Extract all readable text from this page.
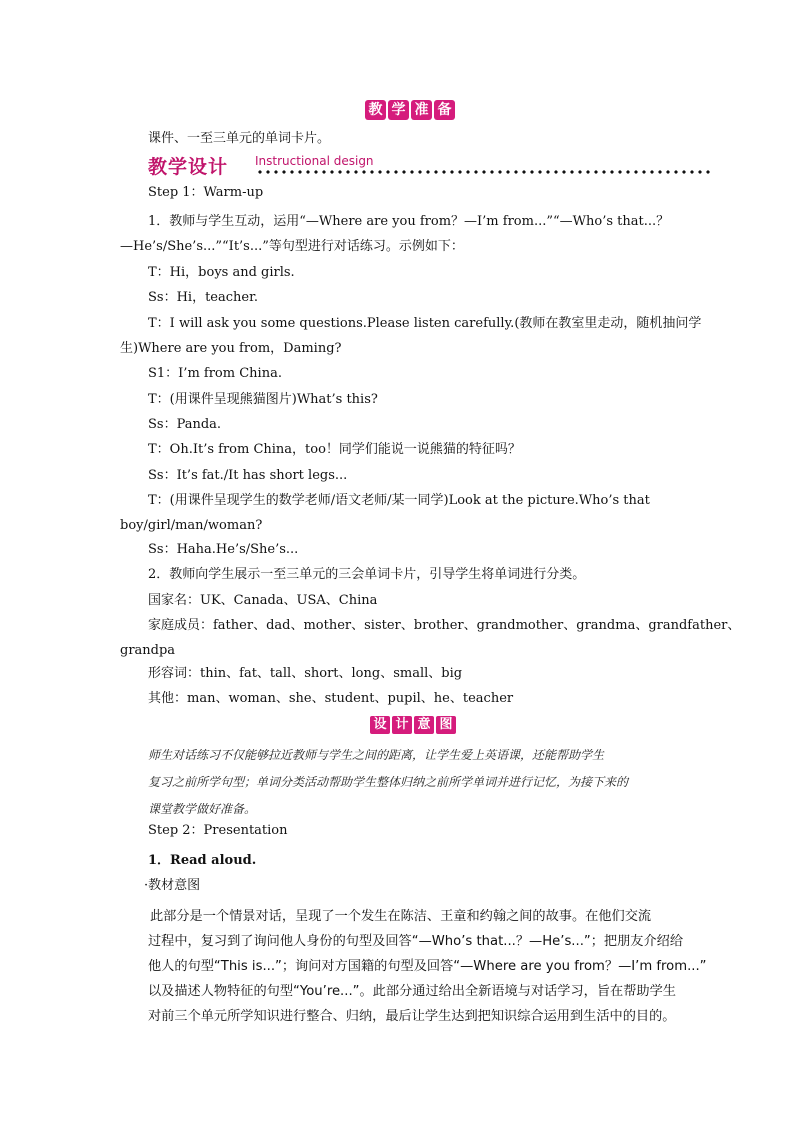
教 学 准 备
课件、一至三单元的单词卡片。
教学设计 Instructional design
Step 1：Warm-up
1．教师与学生互动，运用“—Where are you from？—I’m from...”“—Who’s that...？
—He’s/She’s...”“It’s...”等句型进行对话练习。示例如下：
T：Hi，boys and girls.
Ss：Hi，teacher.
T：I will ask you some questions.Please listen carefully.(教师在教室里走动，随机抽问学
生)Where are you from，Daming?
S1：I’m from China.
T：(用课件呈现熊猫图片)What’s this?
Ss：Panda.
T：Oh.It’s from China，too！同学们能说一说熊猫的特征吗？
Ss：It’s fat./It has short legs...
T：(用课件呈现学生的数学老师/语文老师/某一同学)Look at the picture.Who’s that
boy/girl/man/woman?
Ss：Haha.He’s/She’s...
2．教师向学生展示一至三单元的三会单词卡片，引导学生将单词进行分类。
国家名：UK、Canada、USA、China
家庭成员：father、dad、mother、sister、brother、grandmother、grandma、grandfather、
grandpa
形容词：thin、fat、tall、short、long、small、big
其他：man、woman、she、student、pupil、he、teacher
设 计 意 图

师生对话练习不仅能够拉近教师与学生之间的距离，让学生爱上英语课，还能帮助学生

复习之前所学句型；单词分类活动帮助学生整体归纳之前所学单词并进行记忆，为接下来的

课堂教学做好准备。

Step 2：Presentation
1．Read aloud.
·教材意图

此部分是一个情景对话，呈现了一个发生在陈洁、王童和约翰之间的故事。在他们交流

过程中，复习到了询问他人身份的句型及回答“—Who’s that...？—He’s...”；把朋友介绍给

他人的句型“This is...”；询问对方国籍的句型及回答“—Where are you from？—I’m from...”

以及描述人物特征的句型“You’re...”。此部分通过给出全新语境与对话学习，旨在帮助学生

对前三个单元所学知识进行整合、归纳，最后让学生达到把知识综合运用到生活中的目的。
